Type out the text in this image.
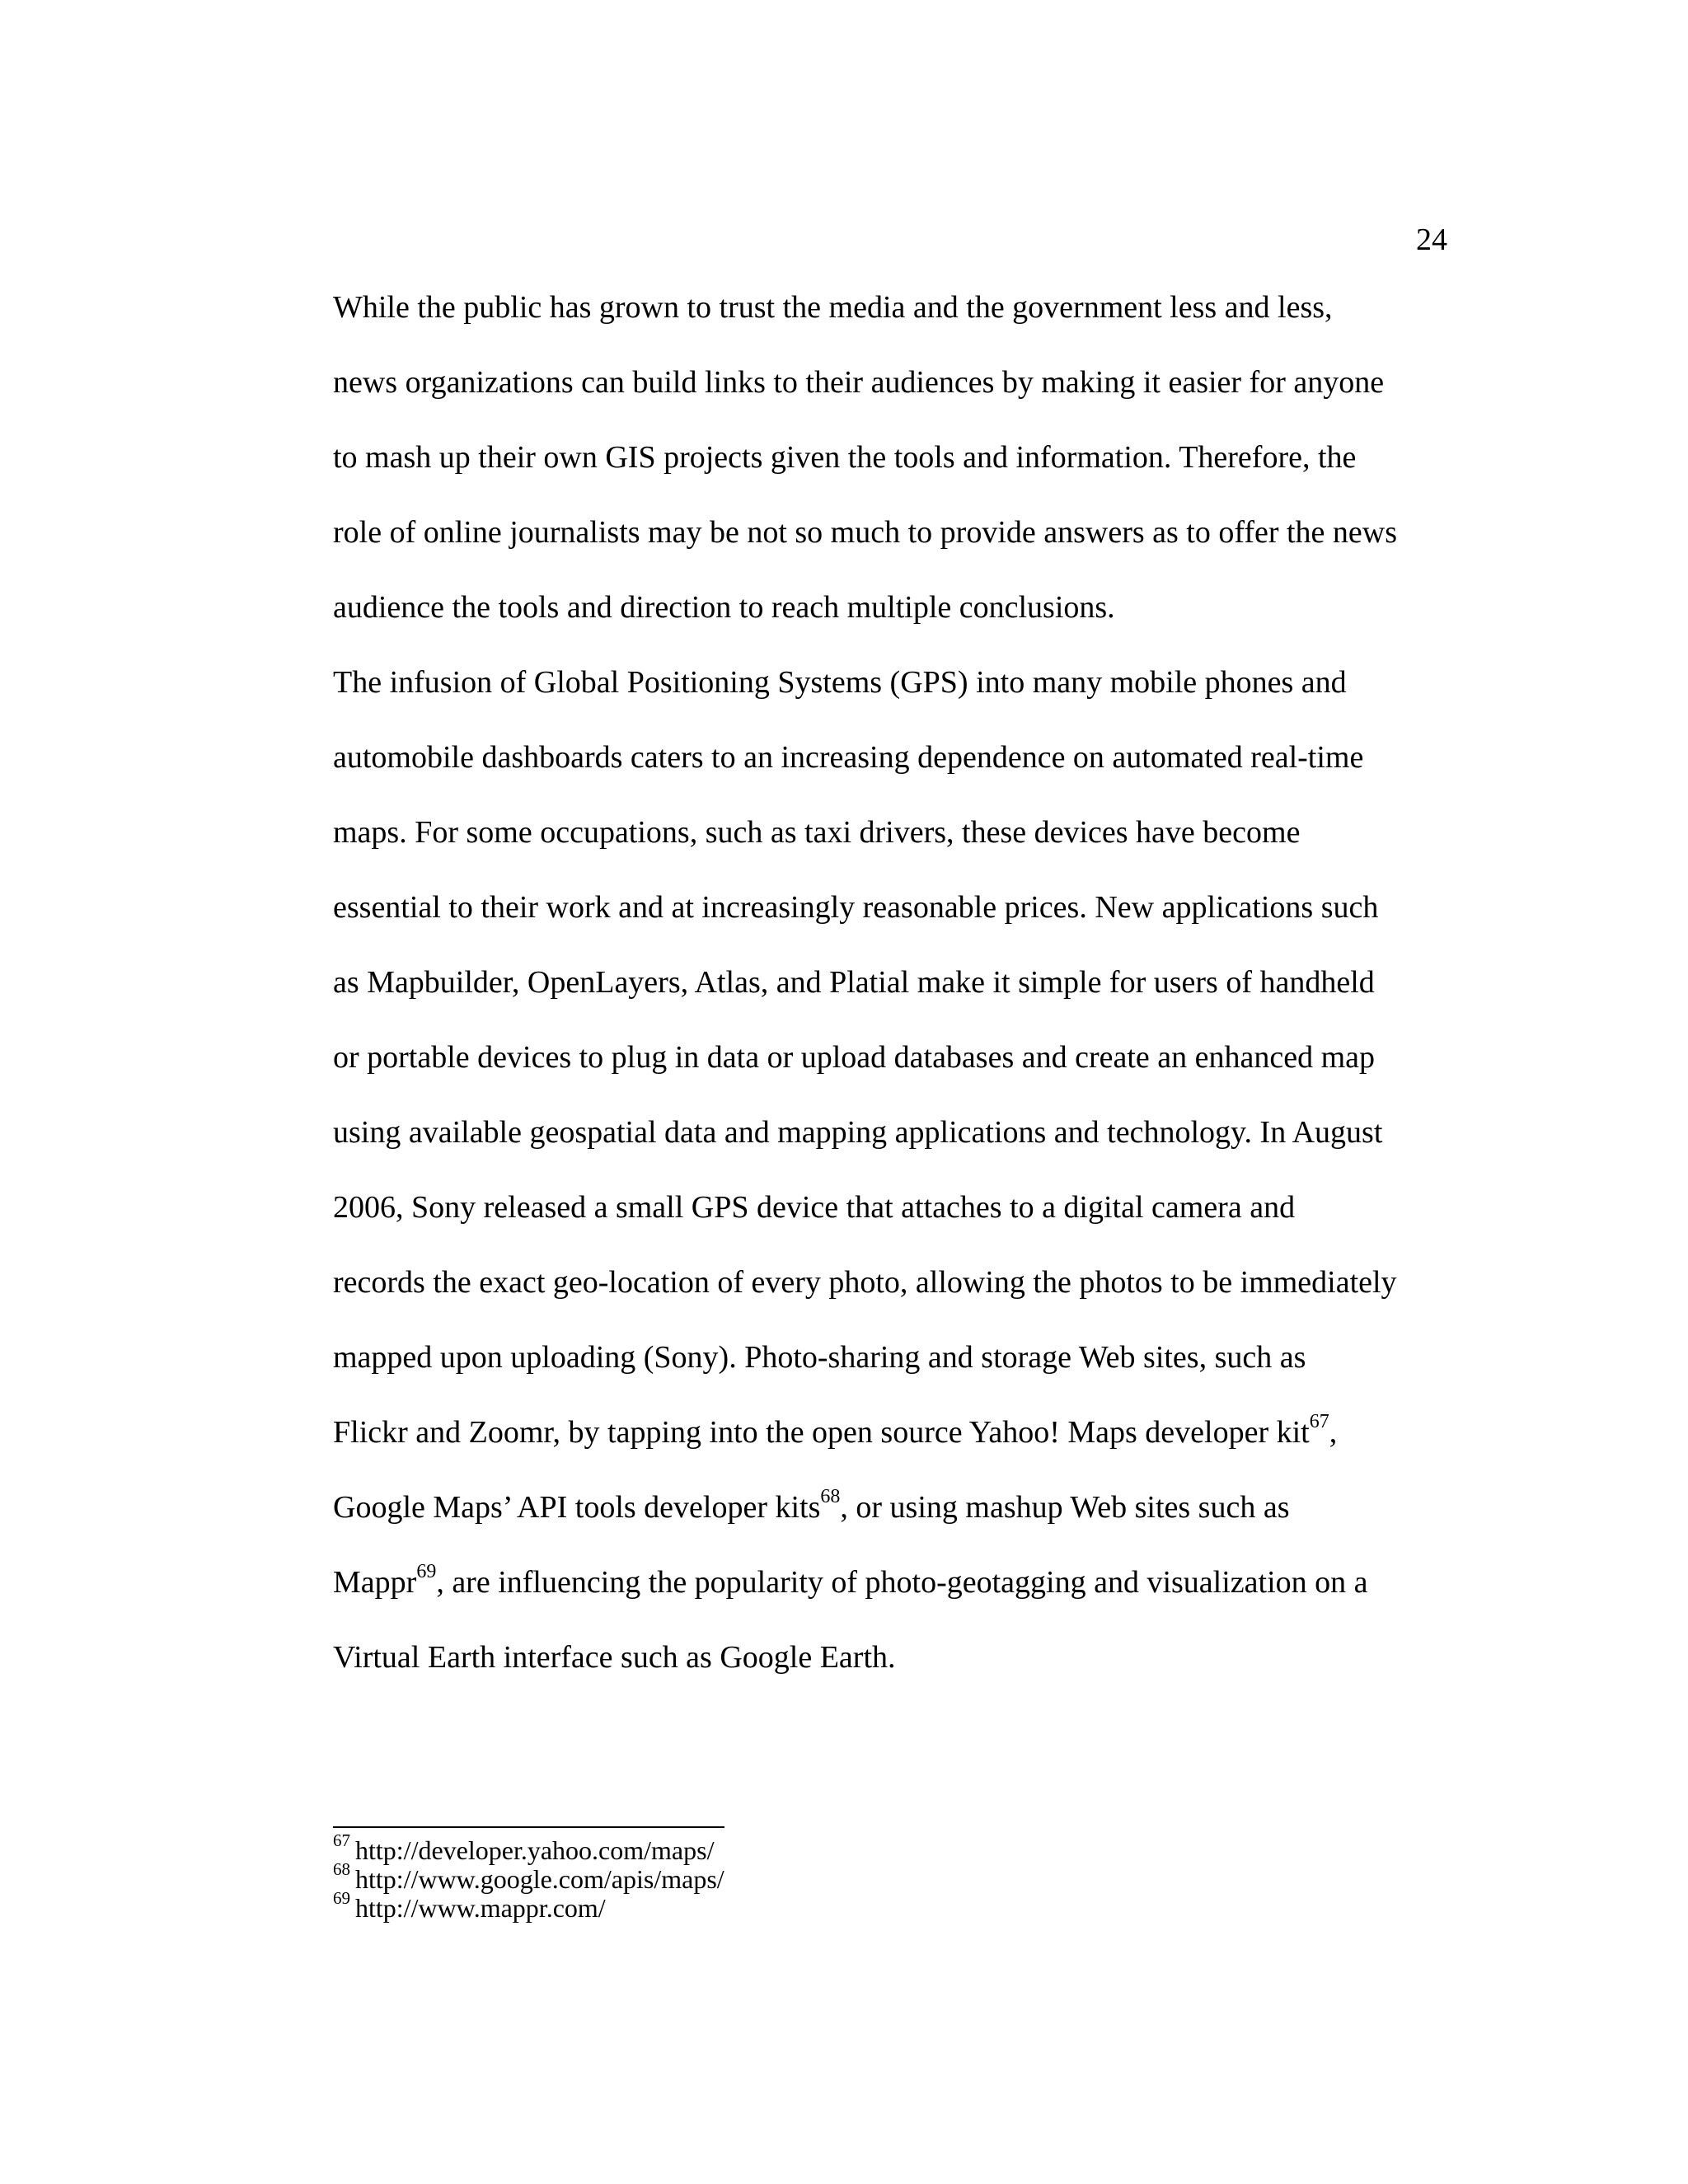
24
While the public has grown to trust the media and the government less and less,
news organizations can build links to their audiences by making it easier for anyone
to mash up their own GIS projects given the tools and information. Therefore, the
role of online journalists may be not so much to provide answers as to offer the news
audience the tools and direction to reach multiple conclusions.
The infusion of Global Positioning Systems (GPS) into many mobile phones and
automobile dashboards caters to an increasing dependence on automated real-time
maps. For some occupations, such as taxi drivers, these devices have become
essential to their work and at increasingly reasonable prices. New applications such
as Mapbuilder, OpenLayers, Atlas, and Platial make it simple for users of handheld
or portable devices to plug in data or upload databases and create an enhanced map
using available geospatial data and mapping applications and technology. In August
2006, Sony released a small GPS device that attaches to a digital camera and
records the exact geo-location of every photo, allowing the photos to be immediately
mapped upon uploading (Sony). Photo-sharing and storage Web sites, such as
Flickr and Zoomr, by tapping into the open source Yahoo! Maps developer kit$^{67}$,
Google Maps’ API tools developer kits$^{68}$, or using mashup Web sites such as
Mappr$^{69}$, are influencing the popularity of photo-geotagging and visualization on a
Virtual Earth interface such as Google Earth.
$^{67}$ http://developer.yahoo.com/maps/
$^{68}$ http://www.google.com/apis/maps/
$^{69}$ http://www.mappr.com/
